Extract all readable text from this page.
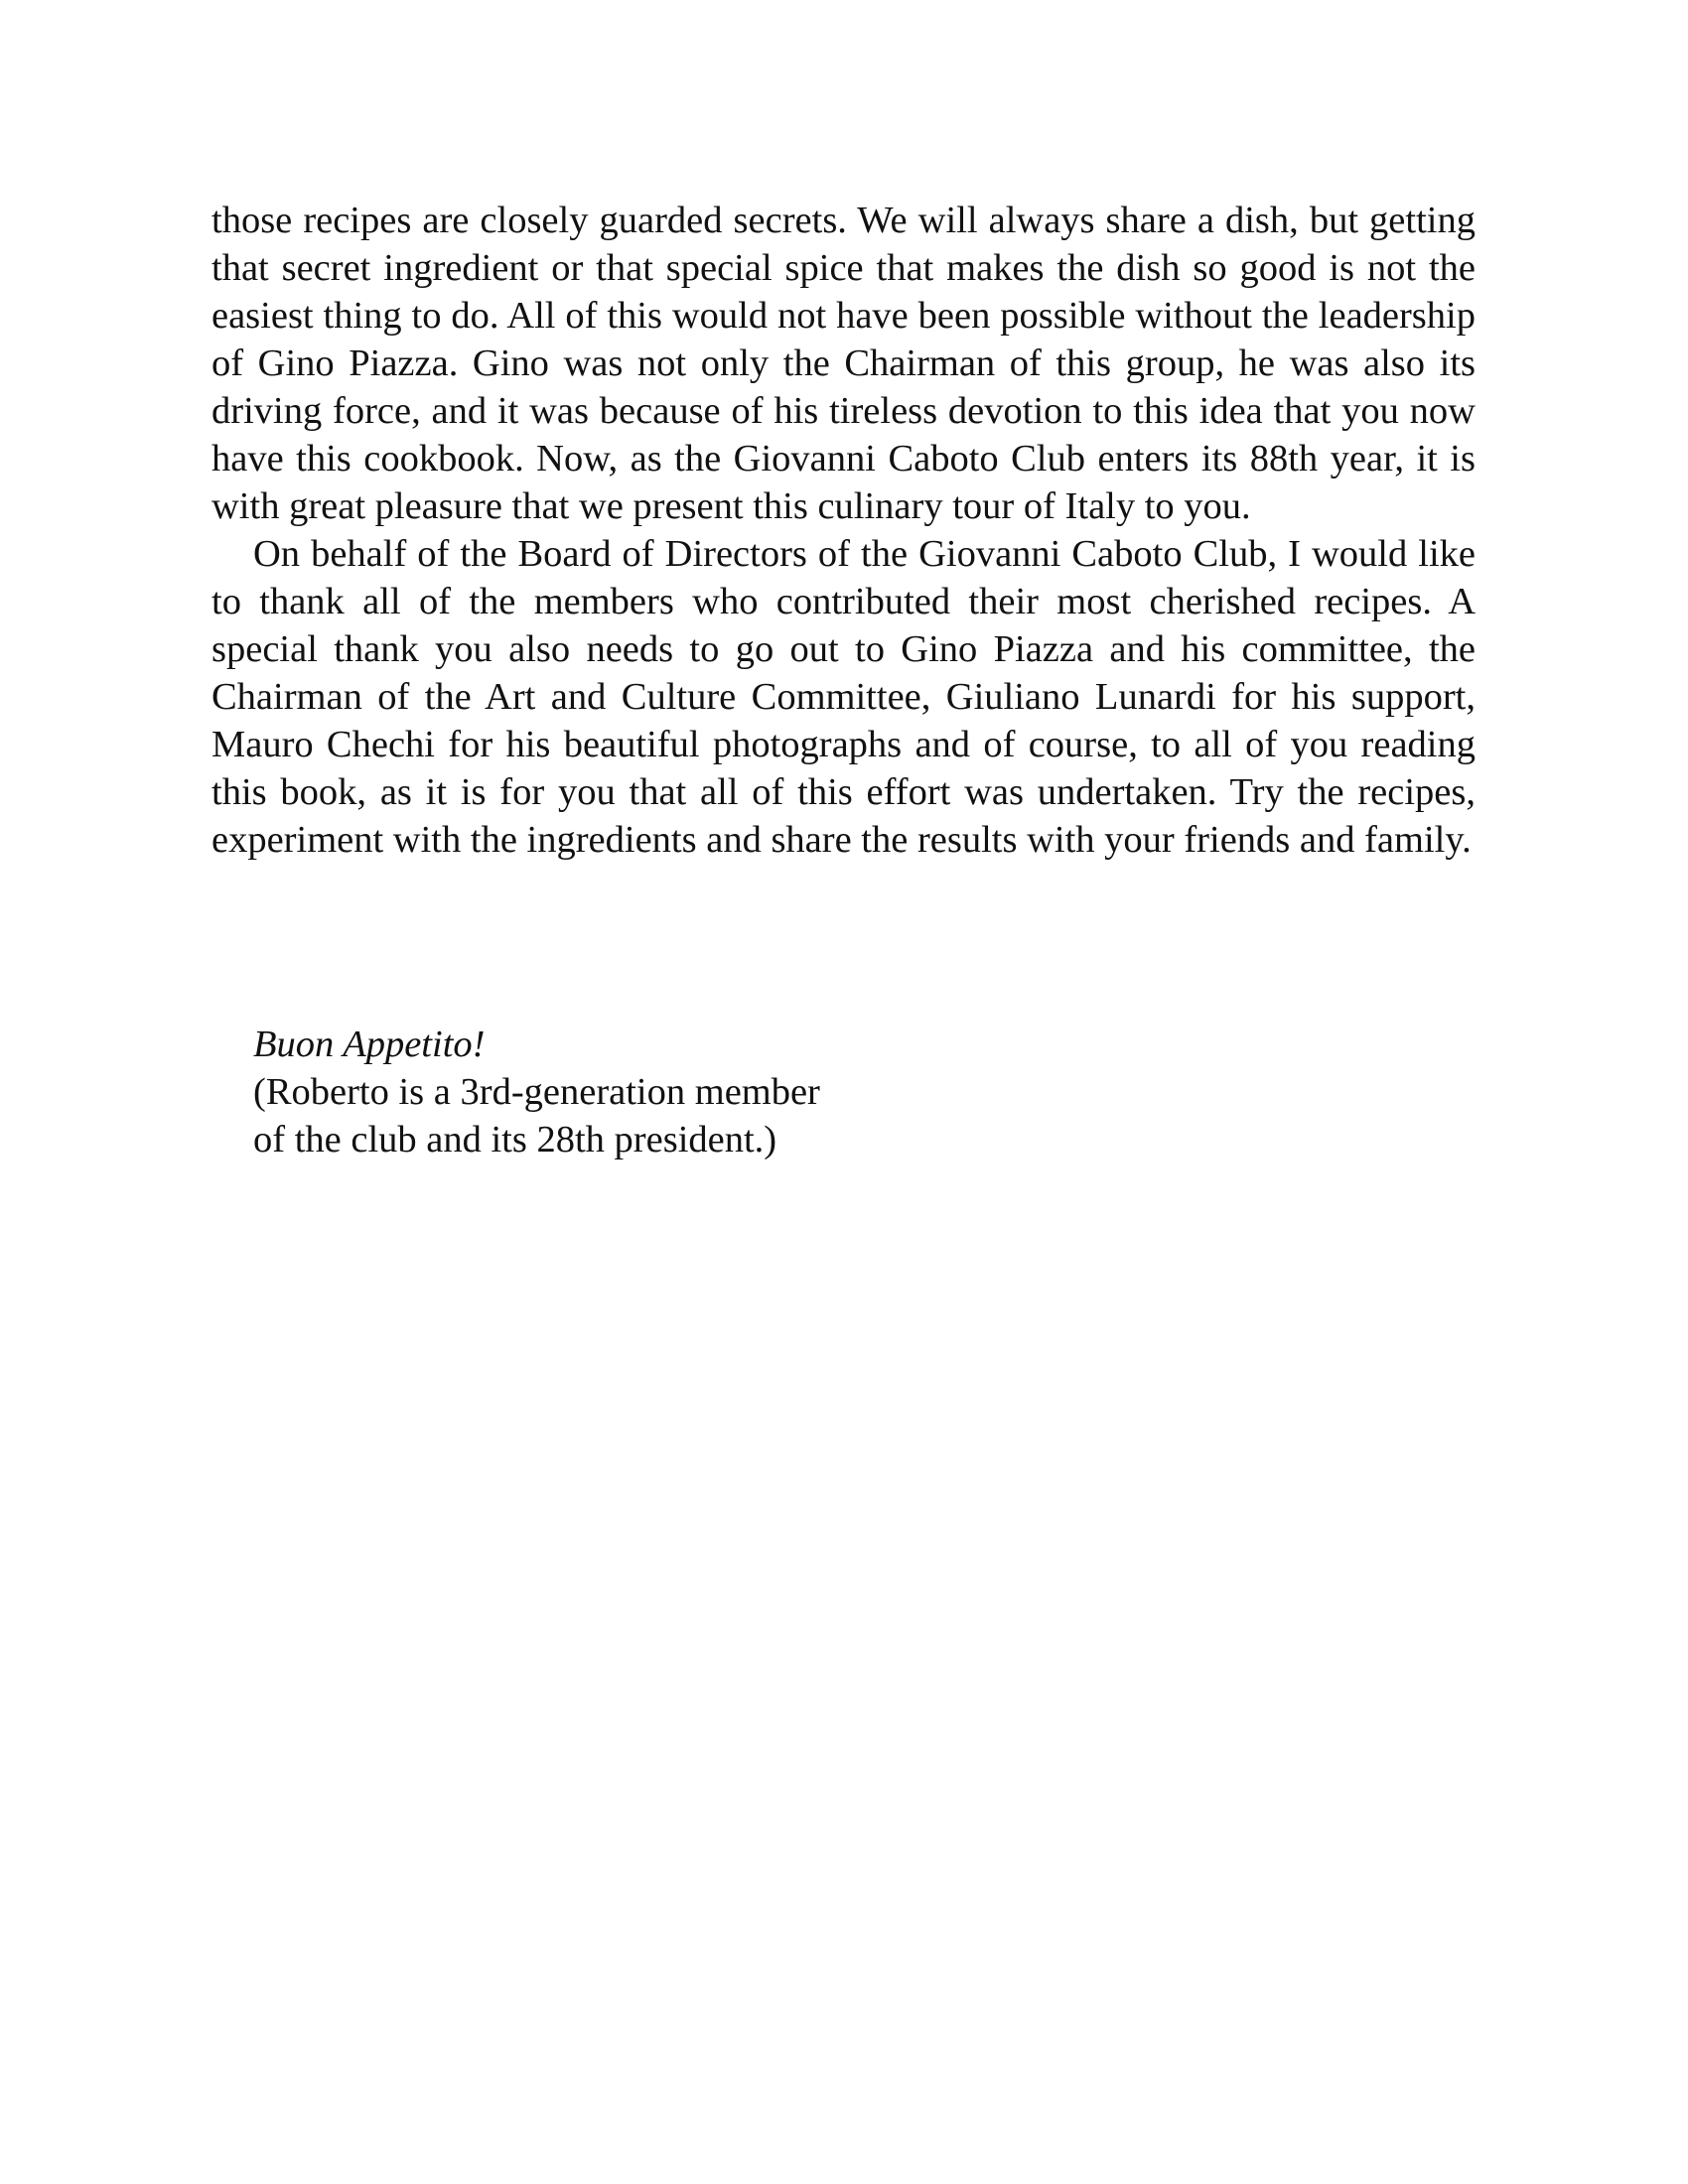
those recipes are closely guarded secrets. We will always share a dish, but getting that secret ingredient or that special spice that makes the dish so good is not the easiest thing to do. All of this would not have been possible without the leadership of Gino Piazza. Gino was not only the Chairman of this group, he was also its driving force, and it was because of his tireless devotion to this idea that you now have this cookbook. Now, as the Giovanni Caboto Club enters its 88th year, it is with great pleasure that we present this culinary tour of Italy to you.

On behalf of the Board of Directors of the Giovanni Caboto Club, I would like to thank all of the members who contributed their most cherished recipes. A special thank you also needs to go out to Gino Piazza and his committee, the Chairman of the Art and Culture Committee, Giuliano Lunardi for his support, Mauro Chechi for his beautiful photographs and of course, to all of you reading this book, as it is for you that all of this effort was undertaken. Try the recipes, experiment with the ingredients and share the results with your friends and family.

Buon Appetito!
(Roberto is a 3rd-generation member
of the club and its 28th president.)
